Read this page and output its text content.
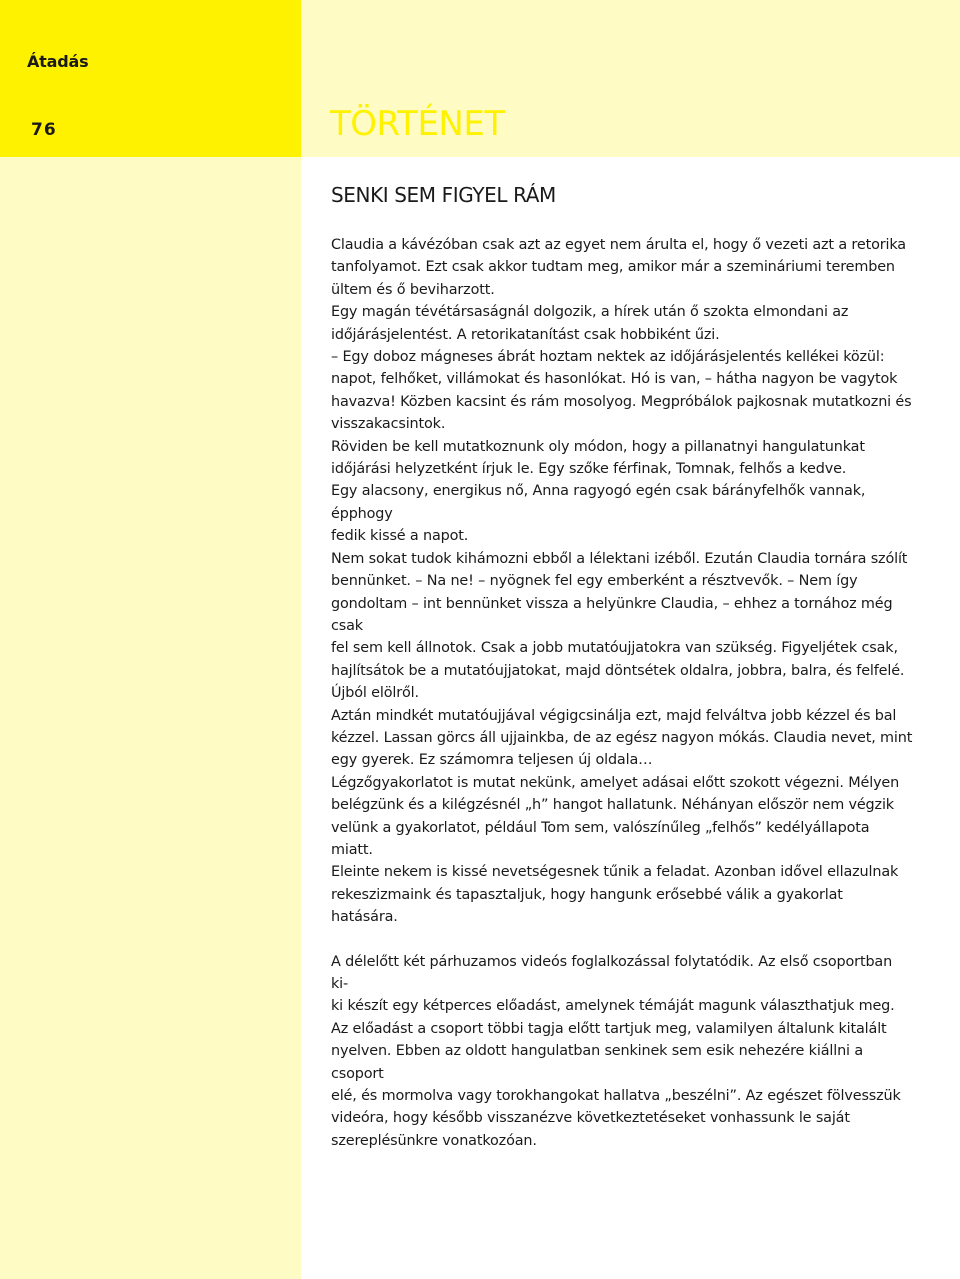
Átadás
76	TÖRTÉNET
SENKI SEM FIGYEL RÁM

Claudia a kávézóban csak azt az egyet nem árulta el, hogy ő vezeti azt a retorika

tanfolyamot. Ezt csak akkor tudtam meg, amikor már a szemináriumi teremben

ültem és ő beviharzott.

Egy magán tévétársaságnál dolgozik, a hírek után ő szokta elmondani az

időjárásjelentést. A retorikatanítást csak hobbiként űzi.

– Egy doboz mágneses ábrát hoztam nektek az időjárásjelentés kellékei közül:

napot, felhőket, villámokat és hasonlókat. Hó is van, – hátha nagyon be vagytok

havazva! Közben kacsint és rám mosolyog. Megpróbálok pajkosnak mutatkozni és

visszakacsintok.

Röviden be kell mutatkoznunk oly módon, hogy a pillanatnyi hangulatunkat

időjárási helyzetként írjuk le. Egy szőke férfinak, Tomnak, felhős a kedve.

Egy alacsony, energikus nő, Anna ragyogó egén csak bárányfelhők vannak, épphogy

fedik kissé a napot.

Nem sokat tudok kihámozni ebből a lélektani izéből. Ezután Claudia tornára szólít

bennünket. – Na ne! – nyögnek fel egy emberként a résztvevők. – Nem így

gondoltam – int bennünket vissza a helyünkre Claudia, – ehhez a tornához még csak

fel sem kell állnotok. Csak a jobb mutatóujjatokra van szükség. Figyeljétek csak,

hajlítsátok be a mutatóujjatokat, majd döntsétek oldalra, jobbra, balra, és felfelé.

Újból elölről.

Aztán mindkét mutatóujjával végigcsinálja ezt, majd felváltva jobb kézzel és bal

kézzel. Lassan görcs áll ujjainkba, de az egész nagyon mókás. Claudia nevet, mint

egy gyerek. Ez számomra teljesen új oldala…

Légzőgyakorlatot is mutat nekünk, amelyet adásai előtt szokott végezni. Mélyen

belégzünk és a kilégzésnél „h” hangot hallatunk. Néhányan először nem végzik

velünk a gyakorlatot, például Tom sem, valószínűleg „felhős” kedélyállapota miatt.

Eleinte nekem is kissé nevetségesnek tűnik a feladat. Azonban idővel ellazulnak

rekeszizmaink és tapasztaljuk, hogy hangunk erősebbé válik a gyakorlat hatására.

A délelőtt két párhuzamos videós foglalkozással folytatódik. Az első csoportban ki-

ki készít egy kétperces előadást, amelynek témáját magunk választhatjuk meg.

Az előadást a csoport többi tagja előtt tartjuk meg, valamilyen általunk kitalált

nyelven. Ebben az oldott hangulatban senkinek sem esik nehezére kiállni a csoport

elé, és mormolva vagy torokhangokat hallatva „beszélni”. Az egészet fölvesszük

videóra, hogy később visszanézve következtetéseket vonhassunk le saját

szereplésünkre vonatkozóan.
